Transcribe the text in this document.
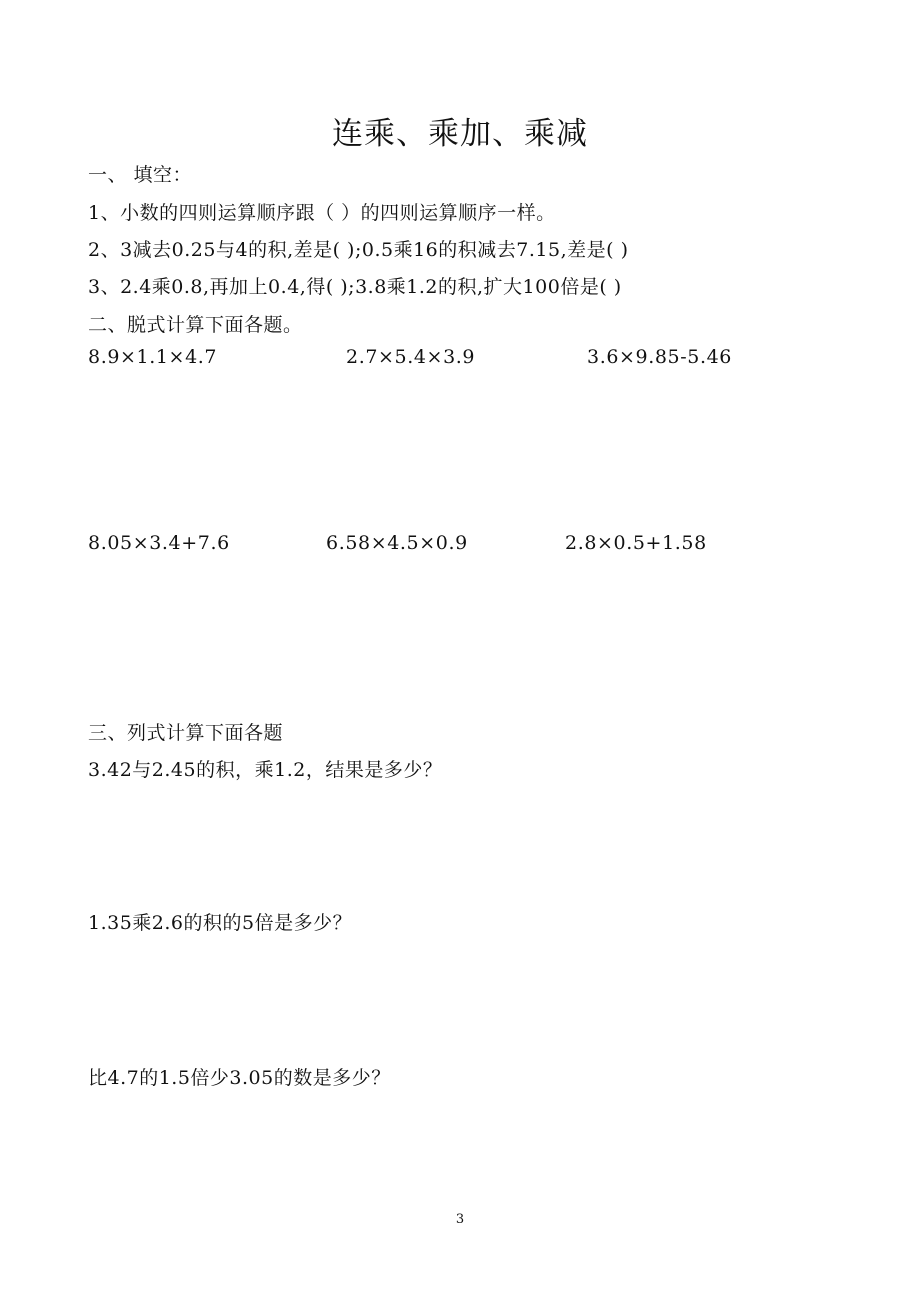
连乘、乘加、乘减
一、 填空：
1、小数的四则运算顺序跟（ ）的四则运算顺序一样。
2、3减去0.25与4的积,差是( );0.5乘16的积减去7.15,差是( )
3、2.4乘0.8,再加上0.4,得( );3.8乘1.2的积,扩大100倍是( )
二、脱式计算下面各题。
8.9×1.1×4.7	2.7×5.4×3.9	3.6×9.85-5.46
8.05×3.4+7.6	6.58×4.5×0.9	2.8×0.5+1.58
三、列式计算下面各题
3.42与2.45的积，乘1.2，结果是多少？
1.35乘2.6的积的5倍是多少？
比4.7的1.5倍少3.05的数是多少？
3
